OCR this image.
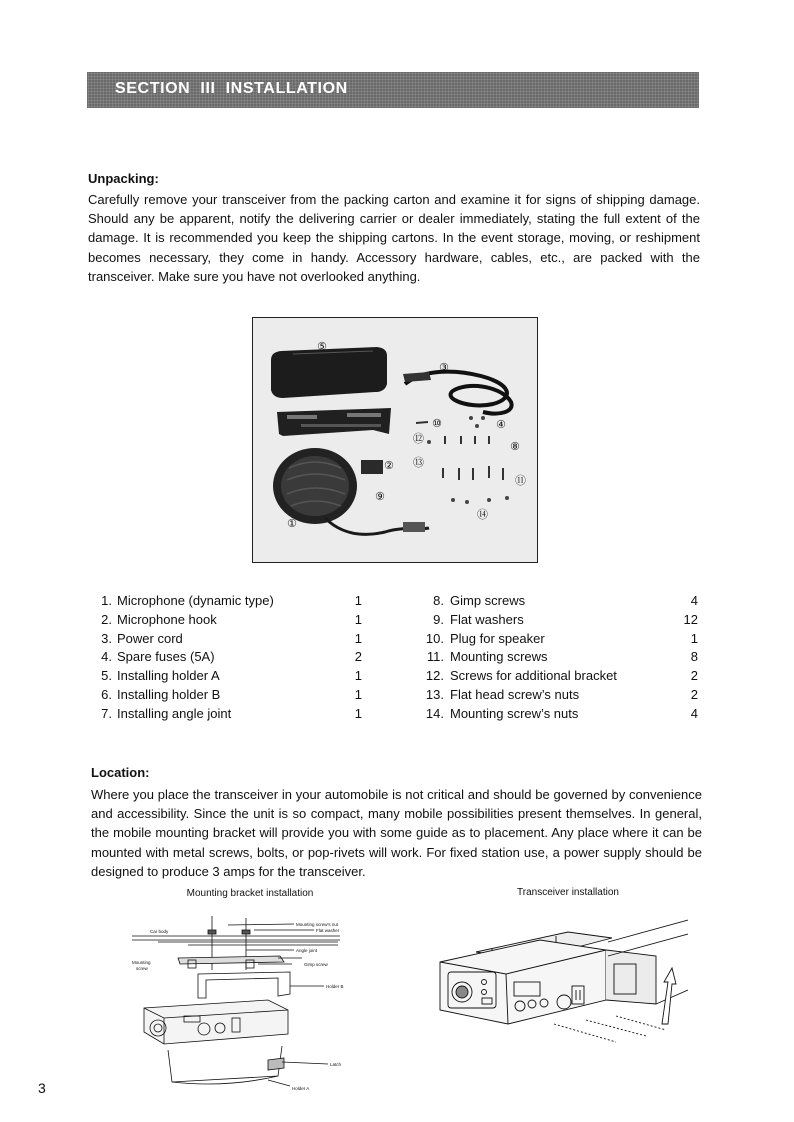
SECTION  III  INSTALLATION
Unpacking:
Carefully remove your transceiver from the packing carton and examine it for signs of shipping damage. Should any be apparent, notify the delivering carrier or dealer immediately, stating the full extent of the damage. It is recommended you keep the shipping cartons. In the event storage, moving, or reshipment becomes necessary, they come in handy. Accessory hardware, cables, etc., are packed with the transceiver. Make sure you have not overlooked anything.
①
②
③
④
⑤
⑧
⑨
⑩
⑪
⑫
⑬
⑭
1. Microphone (dynamic type)	1
2. Microphone hook	1
3. Power cord	1
4. Spare fuses (5A)	2
5. Installing holder A	1
6. Installing holder B	1
7. Installing angle joint	1
8. Gimp screws	4
9. Flat washers	12
10. Plug for speaker	1
11. Mounting screws	8
12. Screws for additional bracket	2
13. Flat head screw’s nuts	2
14. Mounting screw’s nuts	4
Location:
Where you place the transceiver in your automobile is not critical and should be governed by convenience and accessibility. Since the unit is so compact, many mobile possibilities present themselves. In general, the mobile mounting bracket will provide you with some guide as to placement. Any place where it can be mounted with metal screws, bolts, or pop-rivets will work. For fixed station use, a power supply should be designed to produce 3 amps for the transceiver.
Mounting bracket installation	Transceiver installation
Car body
Mounting screw’s nut
Flat washer
Angle joint
Mounting
screw
Gimp screw
Holder B
Latch
Holder A
3
